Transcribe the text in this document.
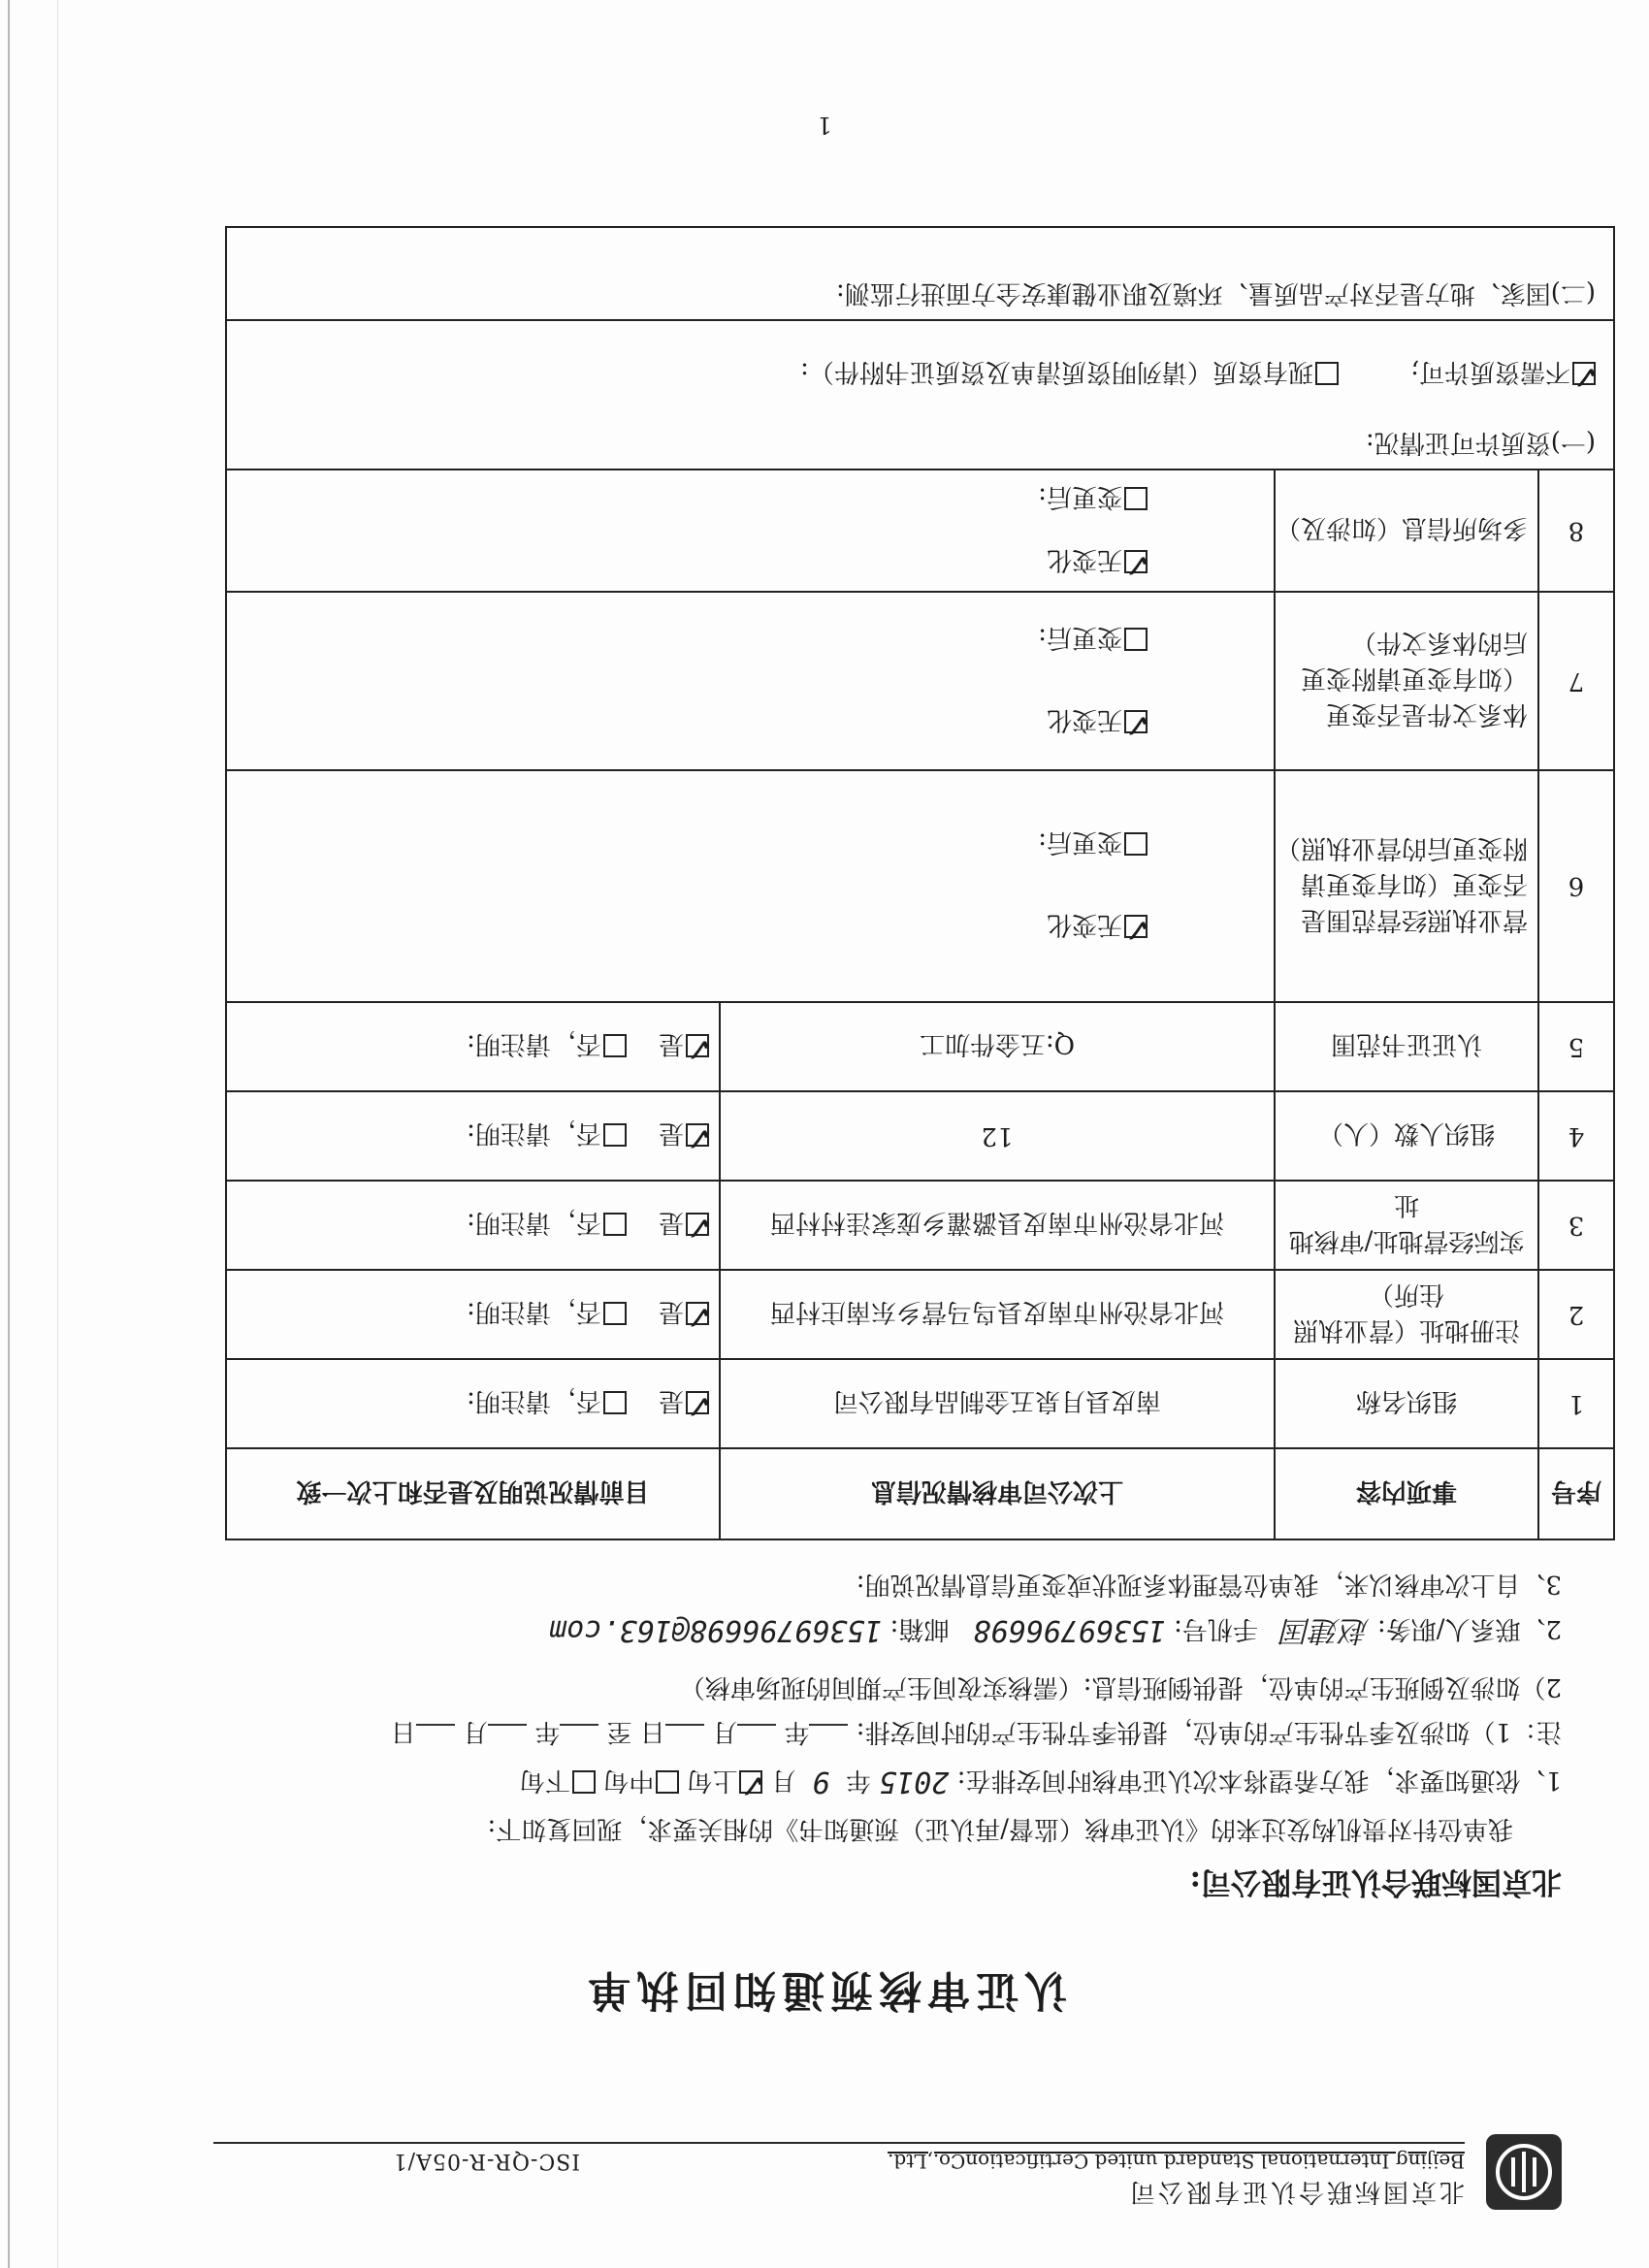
北京国标联合认证有限公司
Beijing International Standard united CertificationCo.,Ltd.
ISC-QR-R-05A/1
认证审核预通知回执单
北京国标联合认证有限公司:
我单位针对贵机构发过来的《认证审核（监督/再认证）预通知书》的相关要求，现回复如下:
1、依通知要求，我方希望将本次认证审核时间安排在: 2015 年  9  月
✓
上旬 中旬 下旬
注：1）如涉及季节性生产的单位，提供季节性生产的时间安排: 年 月 日 至 年 月 日
2）如涉及倒班生产的单位，提供倒班信息:（需核实夜间生产期间的现场审核）
2、联系人/职务: 赵建国   手机号: 15369796698   邮箱: 15369796698@163.com
3、自上次审核以来，我单位管理体系现状或变更信息情况说明:
序号	事项内容	上次公司审核情况信息	目前情况说明及是否和上次一致
1	组织名称	南皮县月泉五金制品有限公司	✓
是    否，请注明:
2	注册地址（营业执照住所）	河北省沧州市南皮县鸟马营乡东南庄村西	✓
是    否，请注明:
3	实际经营地址/审核地址	河北省沧州市南皮县潞灌乡庞家洼村村西	✓
是    否，请注明:
4	组织人数（人）	12	✓
是    否，请注明:
5	认证证书范围	Q:五金件加工	✓
是    否，请注明:
6	营业执照经营范围是否变更（如有变更请附变更后的营业执照）	✓
无变化
变更后:	

7	体系文件是否变更（如有变更请附变更后的体系文件）	✓
无变化
变更后:	

8	多场所信息（如涉及）	✓
无变化
变更后:	

(一)资质许可证情况:
✓
不需资质许可;         现有资质（请列明资质清单及资质证书附件）:			

(二)国家、地方是否对产品质量、环境及职业健康安全方面进行监测:			
1
